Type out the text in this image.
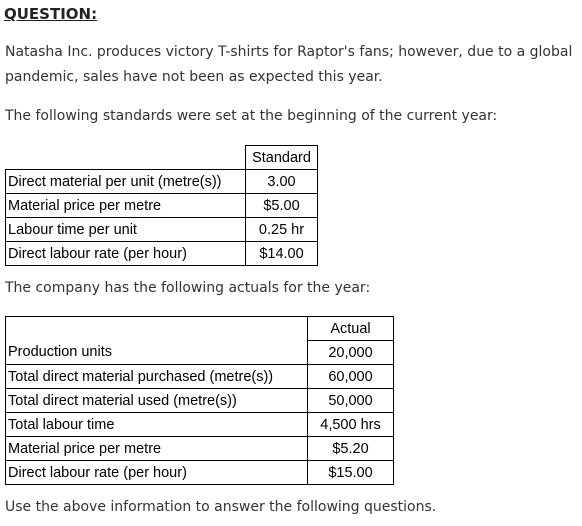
QUESTION:
Natasha Inc. produces victory T-shirts for Raptor's fans; however, due to a global
pandemic, sales have not been as expected this year.
The following standards were set at the beginning of the current year:
	Standard
Direct material per unit (metre(s))	3.00
Material price per metre	$5.00
Labour time per unit	0.25 hr
Direct labour rate (per hour)	$14.00
The company has the following actuals for the year:
	Actual
Production units	20,000
Total direct material purchased (metre(s))	60,000
Total direct material used (metre(s))	50,000
Total labour time	4,500 hrs
Material price per metre	$5.20
Direct labour rate (per hour)	$15.00
Use the above information to answer the following questions.
